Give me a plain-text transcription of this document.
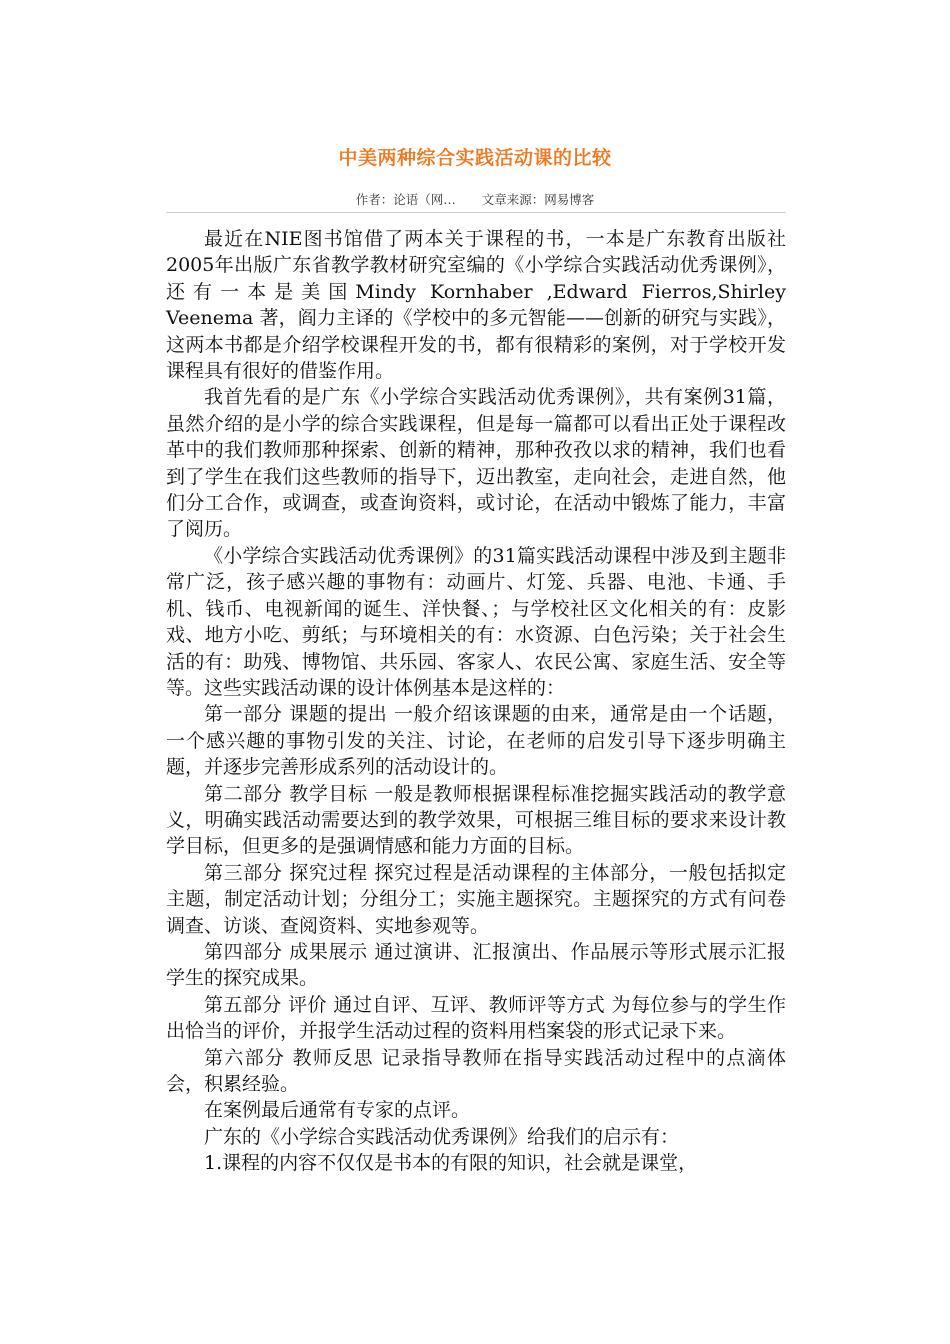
中美两种综合实践活动课的比较
作者：论语（网… 文章来源：网易博客

最近在NIE图书馆借了两本关于课程的书，一本是广东教育出版社2005年出版广东省教学教材研究室编的《小学综合实践活动优秀课例》，还有一本是美国Mindy Kornhaber ,Edward Fierros,Shirley Veenema 著，阎力主译的《学校中的多元智能——创新的研究与实践》，这两本书都是介绍学校课程开发的书，都有很精彩的案例，对于学校开发课程具有很好的借鉴作用。

我首先看的是广东《小学综合实践活动优秀课例》，共有案例31篇，虽然介绍的是小学的综合实践课程，但是每一篇都可以看出正处于课程改革中的我们教师那种探索、创新的精神，那种孜孜以求的精神，我们也看到了学生在我们这些教师的指导下，迈出教室，走向社会，走进自然，他们分工合作，或调查，或查询资料，或讨论，在活动中锻炼了能力，丰富了阅历。

《小学综合实践活动优秀课例》的31篇实践活动课程中涉及到主题非常广泛，孩子感兴趣的事物有：动画片、灯笼、兵器、电池、卡通、手机、钱币、电视新闻的诞生、洋快餐、；与学校社区文化相关的有：皮影戏、地方小吃、剪纸；与环境相关的有：水资源、白色污染；关于社会生活的有：助残、博物馆、共乐园、客家人、农民公寓、家庭生活、安全等等。这些实践活动课的设计体例基本是这样的：

第一部分 课题的提出 一般介绍该课题的由来，通常是由一个话题，一个感兴趣的事物引发的关注、讨论，在老师的启发引导下逐步明确主题，并逐步完善形成系列的活动设计的。

第二部分 教学目标 一般是教师根据课程标准挖掘实践活动的教学意义，明确实践活动需要达到的教学效果，可根据三维目标的要求来设计教学目标，但更多的是强调情感和能力方面的目标。

第三部分 探究过程 探究过程是活动课程的主体部分，一般包括拟定主题，制定活动计划；分组分工；实施主题探究。主题探究的方式有问卷调查、访谈、查阅资料、实地参观等。

第四部分 成果展示 通过演讲、汇报演出、作品展示等形式展示汇报学生的探究成果。

第五部分 评价 通过自评、互评、教师评等方式 为每位参与的学生作出恰当的评价，并报学生活动过程的资料用档案袋的形式记录下来。

第六部分 教师反思 记录指导教师在指导实践活动过程中的点滴体会，积累经验。

在案例最后通常有专家的点评。

广东的《小学综合实践活动优秀课例》给我们的启示有：

1.课程的内容不仅仅是书本的有限的知识，社会就是课堂，
